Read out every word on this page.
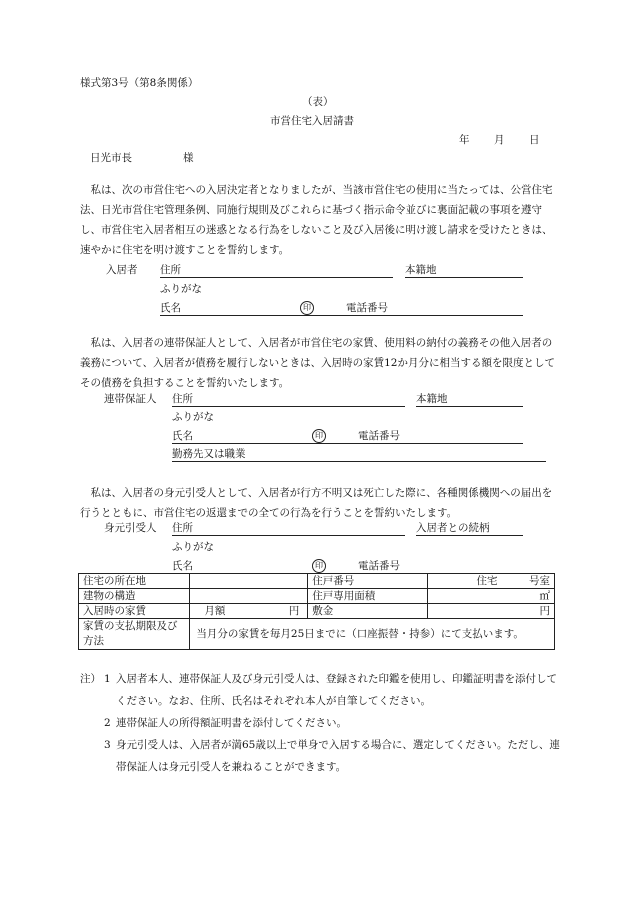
様式第3号（第8条関係）
（表）
市営住宅入居請書
年 月 日
日光市長	様
私は、次の市営住宅への入居決定者となりましたが、当該市営住宅の使用に当たっては、公営住宅法、日光市営住宅管理条例、同施行規則及びこれらに基づく指示命令並びに裏面記載の事項を遵守し、市営住宅入居者相互の迷惑となる行為をしないこと及び入居後に明け渡し請求を受けたときは、速やかに住宅を明け渡すことを誓約します。
入居者 住所	本籍地
ふりがな
氏名	印	電話番号
私は、入居者の連帯保証人として、入居者が市営住宅の家賃、使用料の納付の義務その他入居者の義務について、入居者が債務を履行しないときは、入居時の家賃12か月分に相当する額を限度としてその債務を負担することを誓約いたします。
連帯保証人 住所	本籍地
ふりがな
氏名	印	電話番号
勤務先又は職業
私は、入居者の身元引受人として、入居者が行方不明又は死亡した際に、各種関係機関への届出を行うとともに、市営住宅の返還までの全ての行為を行うことを誓約いたします。
身元引受人 住所	入居者との続柄
ふりがな
氏名	印	電話番号
住宅の所在地		住戸番号	住宅　　　号室
建物の構造		住戸専用面積	㎡
入居時の家賃	月額 円	敷金	円
家賃の支払期限及び方法	当月分の家賃を毎月25日までに（口座振替・持参）にて支払います。		
注） 1 入居者本人、連帯保証人及び身元引受人は、登録された印鑑を使用し、印鑑証明書を添付してください。なお、住所、氏名はそれぞれ本人が自筆してください。
2 連帯保証人の所得額証明書を添付してください。
3 身元引受人は、入居者が満65歳以上で単身で入居する場合に、選定してください。ただし、連帯保証人は身元引受人を兼ねることができます。
